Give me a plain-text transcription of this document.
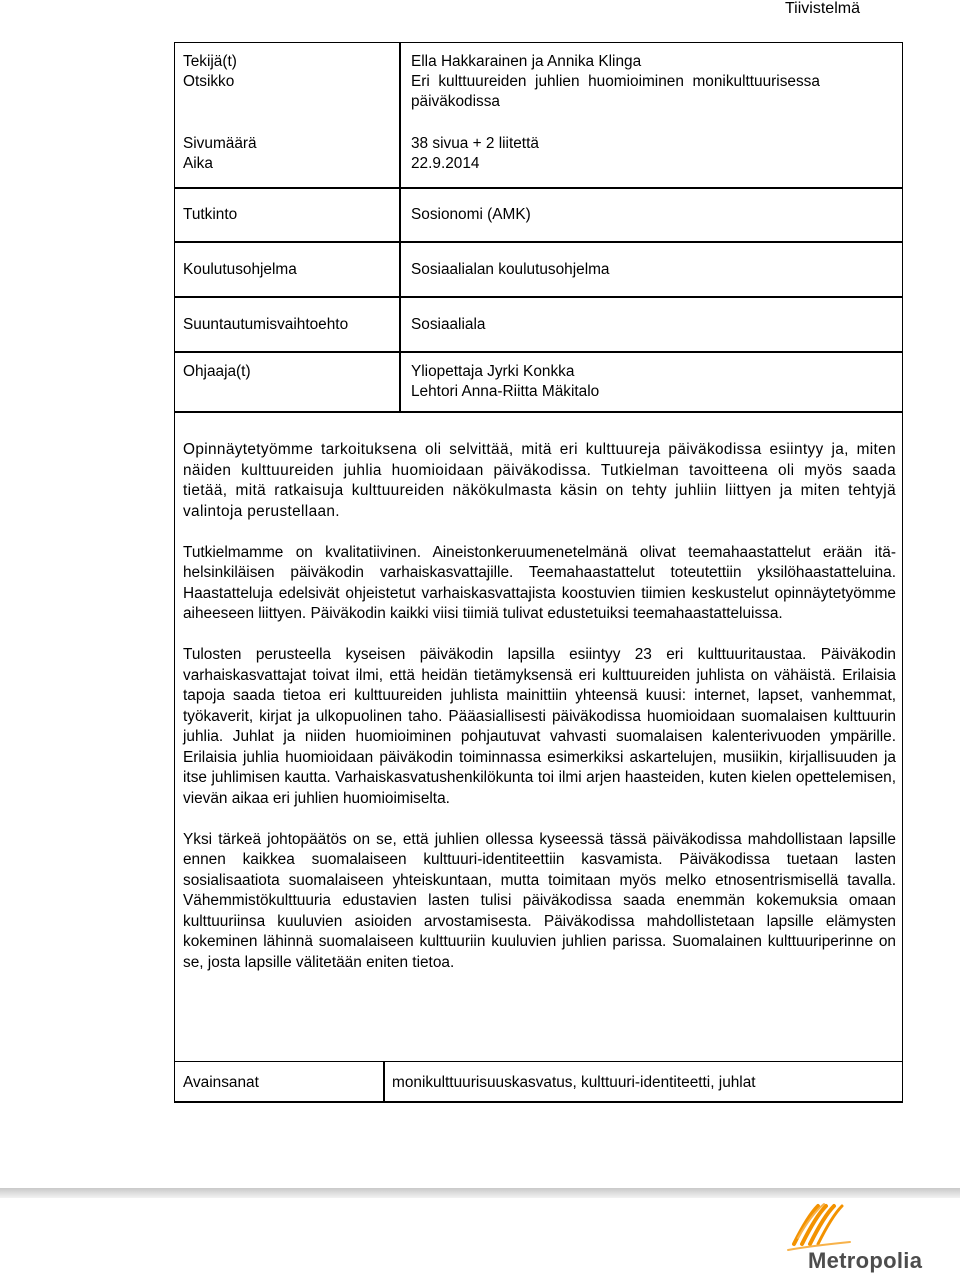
Tiivistelmä
Tekijä(t)
Otsikko
Sivumäärä
Aika
Tutkinto
Koulutusohjelma
Suuntautumisvaihtoehto
Ohjaaja(t)
Ella Hakkarainen ja Annika Klinga
Eri  kulttuureiden  juhlien  huomioiminen  monikulttuurisessa
päiväkodissa
38 sivua + 2 liitettä
22.9.2014
Sosionomi (AMK)
Sosiaalialan koulutusohjelma
Sosiaaliala
Yliopettaja Jyrki Konkka
Lehtori Anna-Riitta Mäkitalo

Opinnäytetyömme tarkoituksena oli selvittää, mitä eri kulttuureja päiväkodissa esiintyy ja, miten näiden kulttuureiden juhlia huomioidaan päiväkodissa. Tutkielman tavoitteena oli myös saada tietää, mitä ratkaisuja kulttuureiden näkökulmasta käsin on tehty juhliin liittyen ja miten tehtyjä valintoja perustellaan.

Tutkielmamme on kvalitatiivinen. Aineistonkeruumenetelmänä olivat teemahaastattelut erään itä-helsinkiläisen päiväkodin varhaiskasvattajille. Teemahaastattelut toteutettiin yksilöhaastatteluina. Haastatteluja edelsivät ohjeistetut varhaiskasvattajista koostuvien tiimien keskustelut opinnäytetyömme aiheeseen liittyen. Päiväkodin kaikki viisi tiimiä tulivat edustetuiksi teemahaastatteluissa.

Tulosten perusteella kyseisen päiväkodin lapsilla esiintyy 23 eri kulttuuritaustaa. Päiväkodin varhaiskasvattajat toivat ilmi, että heidän tietämyksensä eri kulttuureiden juhlista on vähäistä. Erilaisia tapoja saada tietoa eri kulttuureiden juhlista mainittiin yhteensä kuusi: internet, lapset, vanhemmat, työkaverit, kirjat ja ulkopuolinen taho. Pääasiallisesti päiväkodissa huomioidaan suomalaisen kulttuurin juhlia. Juhlat ja niiden huomioiminen pohjautuvat vahvasti suomalaisen kalenterivuoden ympärille. Erilaisia juhlia huomioidaan päiväkodin toiminnassa esimerkiksi askartelujen, musiikin, kirjallisuuden ja itse juhlimisen kautta. Varhaiskasvatushenkilökunta toi ilmi arjen haasteiden, kuten kielen opettelemisen, vievän aikaa eri juhlien huomioimiselta.

Yksi tärkeä johtopäätös on se, että juhlien ollessa kyseessä tässä päiväkodissa mahdollistaan lapsille ennen kaikkea suomalaiseen kulttuuri-identiteettiin kasvamista. Päiväkodissa tuetaan lasten sosialisaatiota suomalaiseen yhteiskuntaan, mutta toimitaan myös melko etnosentrismisellä tavalla. Vähemmistökulttuuria edustavien lasten tulisi päiväkodissa saada enemmän kokemuksia omaan kulttuuriinsa kuuluvien asioiden arvostamisesta. Päiväkodissa mahdollistetaan lapsille elämysten kokeminen lähinnä suomalaiseen kulttuuriin kuuluvien juhlien parissa. Suomalainen kulttuuriperinne on se, josta lapsille välitetään eniten tietoa.

Avainsanat	monikulttuurisuuskasvatus, kulttuuri-identiteetti, juhlat
Metropolia
